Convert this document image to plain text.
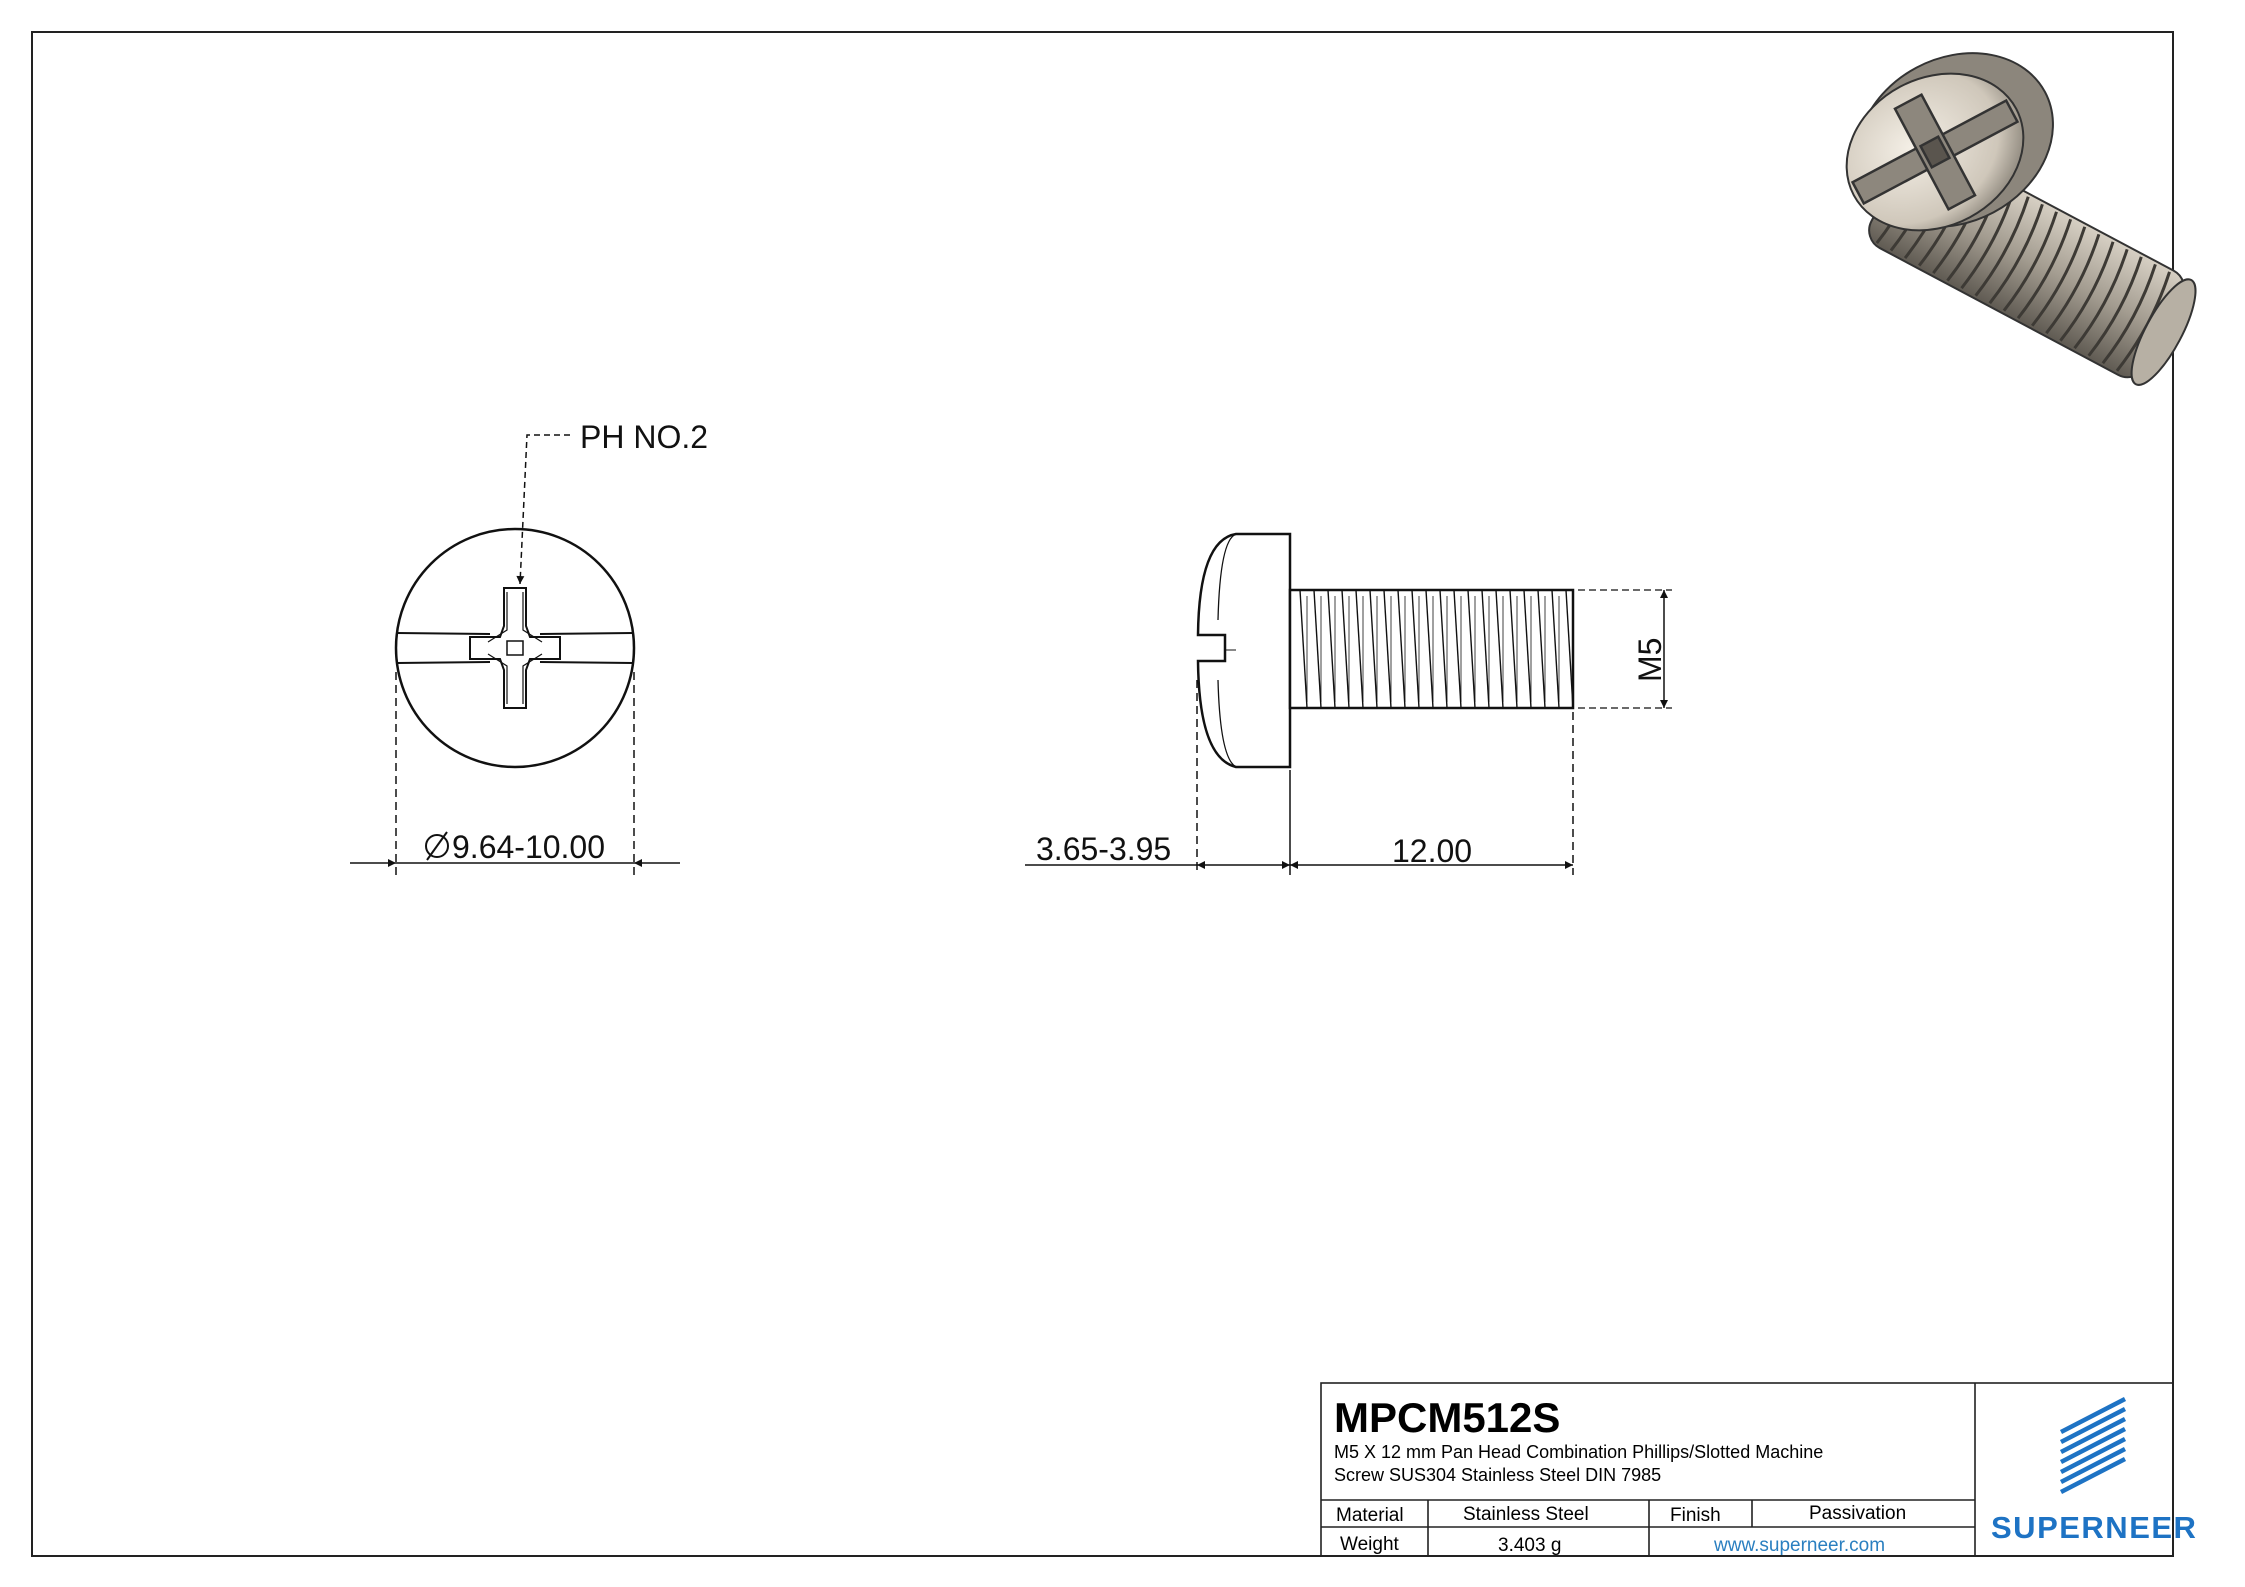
PH NO.2
9.64-10.00
M5
3.65-3.95	12.00
MPCM512S
M5 X 12 mm Pan Head Combination Phillips/Slotted Machine
Screw SUS304 Stainless Steel DIN 7985
Material	Stainless Steel	Finish	Passivation
Weight	3.403 g	www.superneer.com
SUPERNEER
